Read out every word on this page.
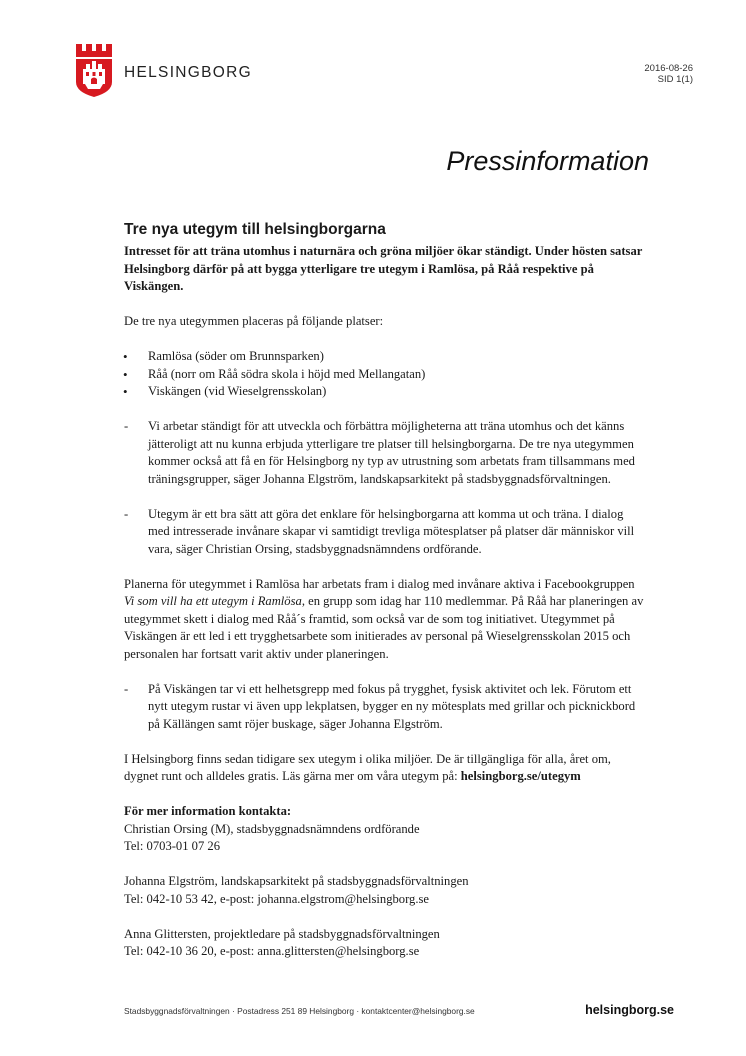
HELSINGBORG	2016-08-26
SID 1(1)
Pressinformation
Tre nya utegym till helsingborgarna

Intresset för att träna utomhus i naturnära och gröna miljöer ökar ständigt. Under hösten satsar Helsingborg därför på att bygga ytterligare tre utegym i Ramlösa, på Råå respektive på Viskängen.

De tre nya utegymmen placeras på följande platser:

• Ramlösa (söder om Brunnsparken)
• Råå (norr om Råå södra skola i höjd med Mellangatan)
• Viskängen (vid Wieselgrensskolan)
- Vi arbetar ständigt för att utveckla och förbättra möjligheterna att träna utomhus och det känns jätteroligt att nu kunna erbjuda ytterligare tre platser till helsingborgarna. De tre nya utegymmen kommer också att få en för Helsingborg ny typ av utrustning som arbetats fram tillsammans med träningsgrupper, säger Johanna Elgström, landskapsarkitekt på stadsbyggnadsförvaltningen.
- Utegym är ett bra sätt att göra det enklare för helsingborgarna att komma ut och träna. I dialog med intresserade invånare skapar vi samtidigt trevliga mötesplatser på platser där människor vill vara, säger Christian Orsing, stadsbyggnadsnämndens ordförande.

Planerna för utegymmet i Ramlösa har arbetats fram i dialog med invånare aktiva i Facebookgruppen Vi som vill ha ett utegym i Ramlösa, en grupp som idag har 110 medlemmar. På Råå har planeringen av utegymmet skett i dialog med Rååˊs framtid, som också var de som tog initiativet. Utegymmet på Viskängen är ett led i ett trygghetsarbete som initierades av personal på Wieselgrensskolan 2015 och personalen har fortsatt varit aktiv under planeringen.

- På Viskängen tar vi ett helhetsgrepp med fokus på trygghet, fysisk aktivitet och lek. Förutom ett nytt utegym rustar vi även upp lekplatsen, bygger en ny mötesplats med grillar och picknickbord på Källängen samt röjer buskage, säger Johanna Elgström.

I Helsingborg finns sedan tidigare sex utegym i olika miljöer. De är tillgängliga för alla, året om, dygnet runt och alldeles gratis. Läs gärna mer om våra utegym på: helsingborg.se/utegym

För mer information kontakta:

Christian Orsing (M), stadsbyggnadsnämndens ordförande
Tel: 0703-01 07 26
Johanna Elgström, landskapsarkitekt på stadsbyggnadsförvaltningen
Tel: 042-10 53 42, e-post: johanna.elgstrom@helsingborg.se
Anna Glittersten, projektledare på stadsbyggnadsförvaltningen
Tel: 042-10 36 20, e-post: anna.glittersten@helsingborg.se
Stadsbyggnadsförvaltningen · Postadress 251 89 Helsingborg · kontaktcenter@helsingborg.se	helsingborg.se
